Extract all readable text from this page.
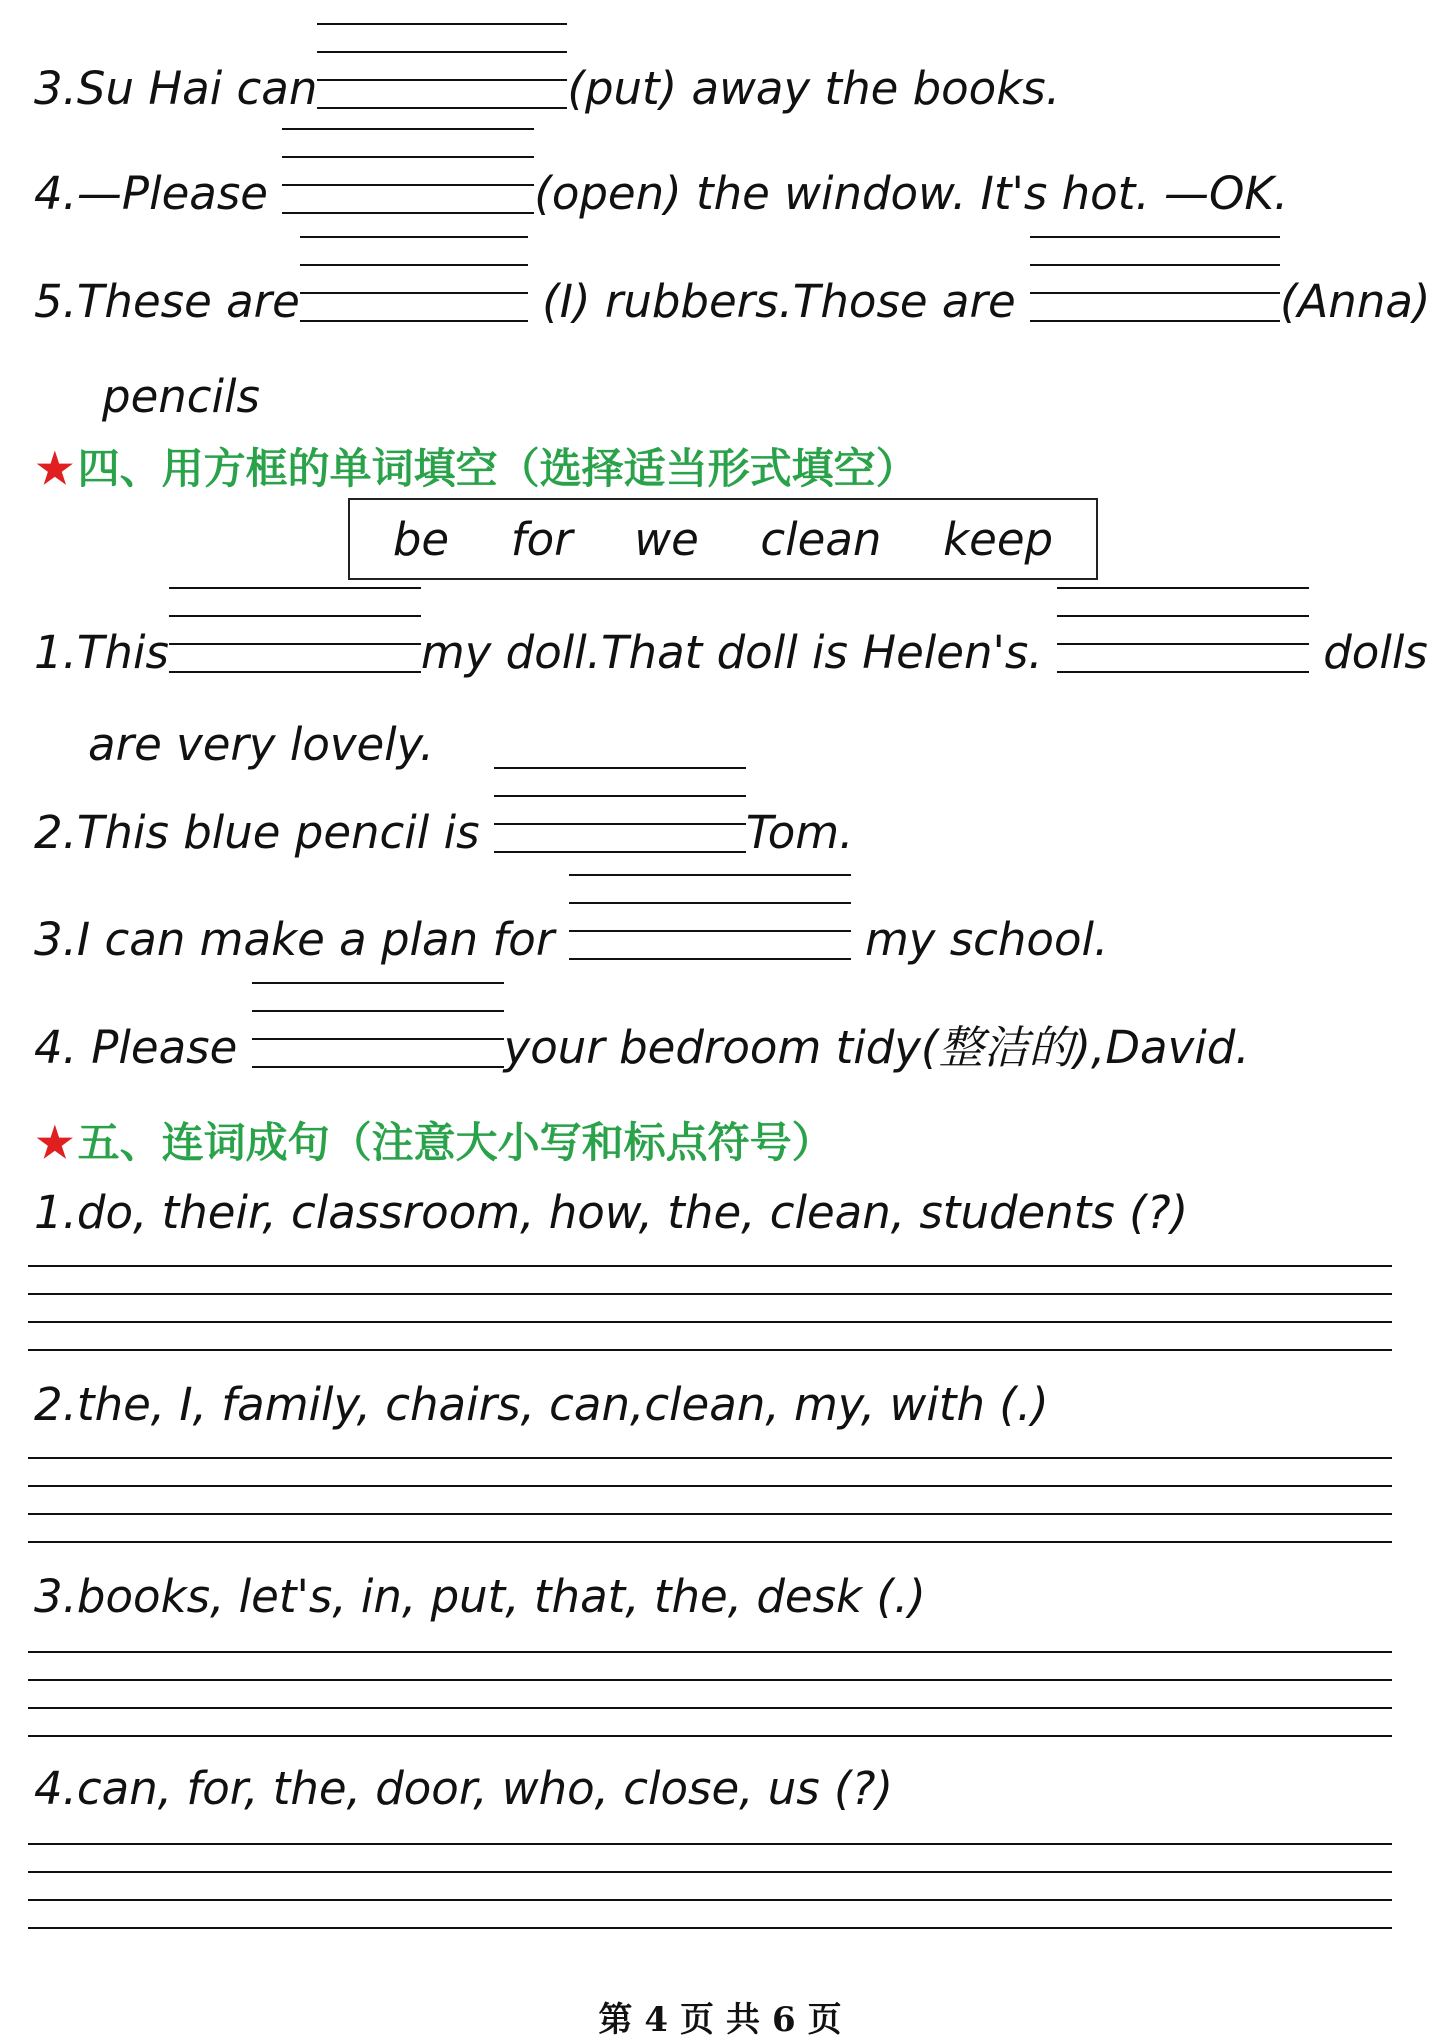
3.Su Hai can	(put) away the books.
4.—Please	(open) the window. It's hot. —OK.
5.These are	(I) rubbers.Those are	(Anna)
pencils
★四、用方框的单词填空（选择适当形式填空）
be for we clean keep
1.This	my doll.That doll is Helen's.	dolls
are very lovely.
2.This blue pencil is	Tom.
3.I can make a plan for	my school.
4. Please	your bedroom tidy(整洁的),David.
★五、连词成句（注意大小写和标点符号）
1.do, their, classroom, how, the, clean, students (?)
2.the, I, family, chairs, can,clean, my, with (.)
3.books, let's, in, put, that, the, desk (.)
4.can, for, the, door, who, close, us (?)
第 4 页 共 6 页
